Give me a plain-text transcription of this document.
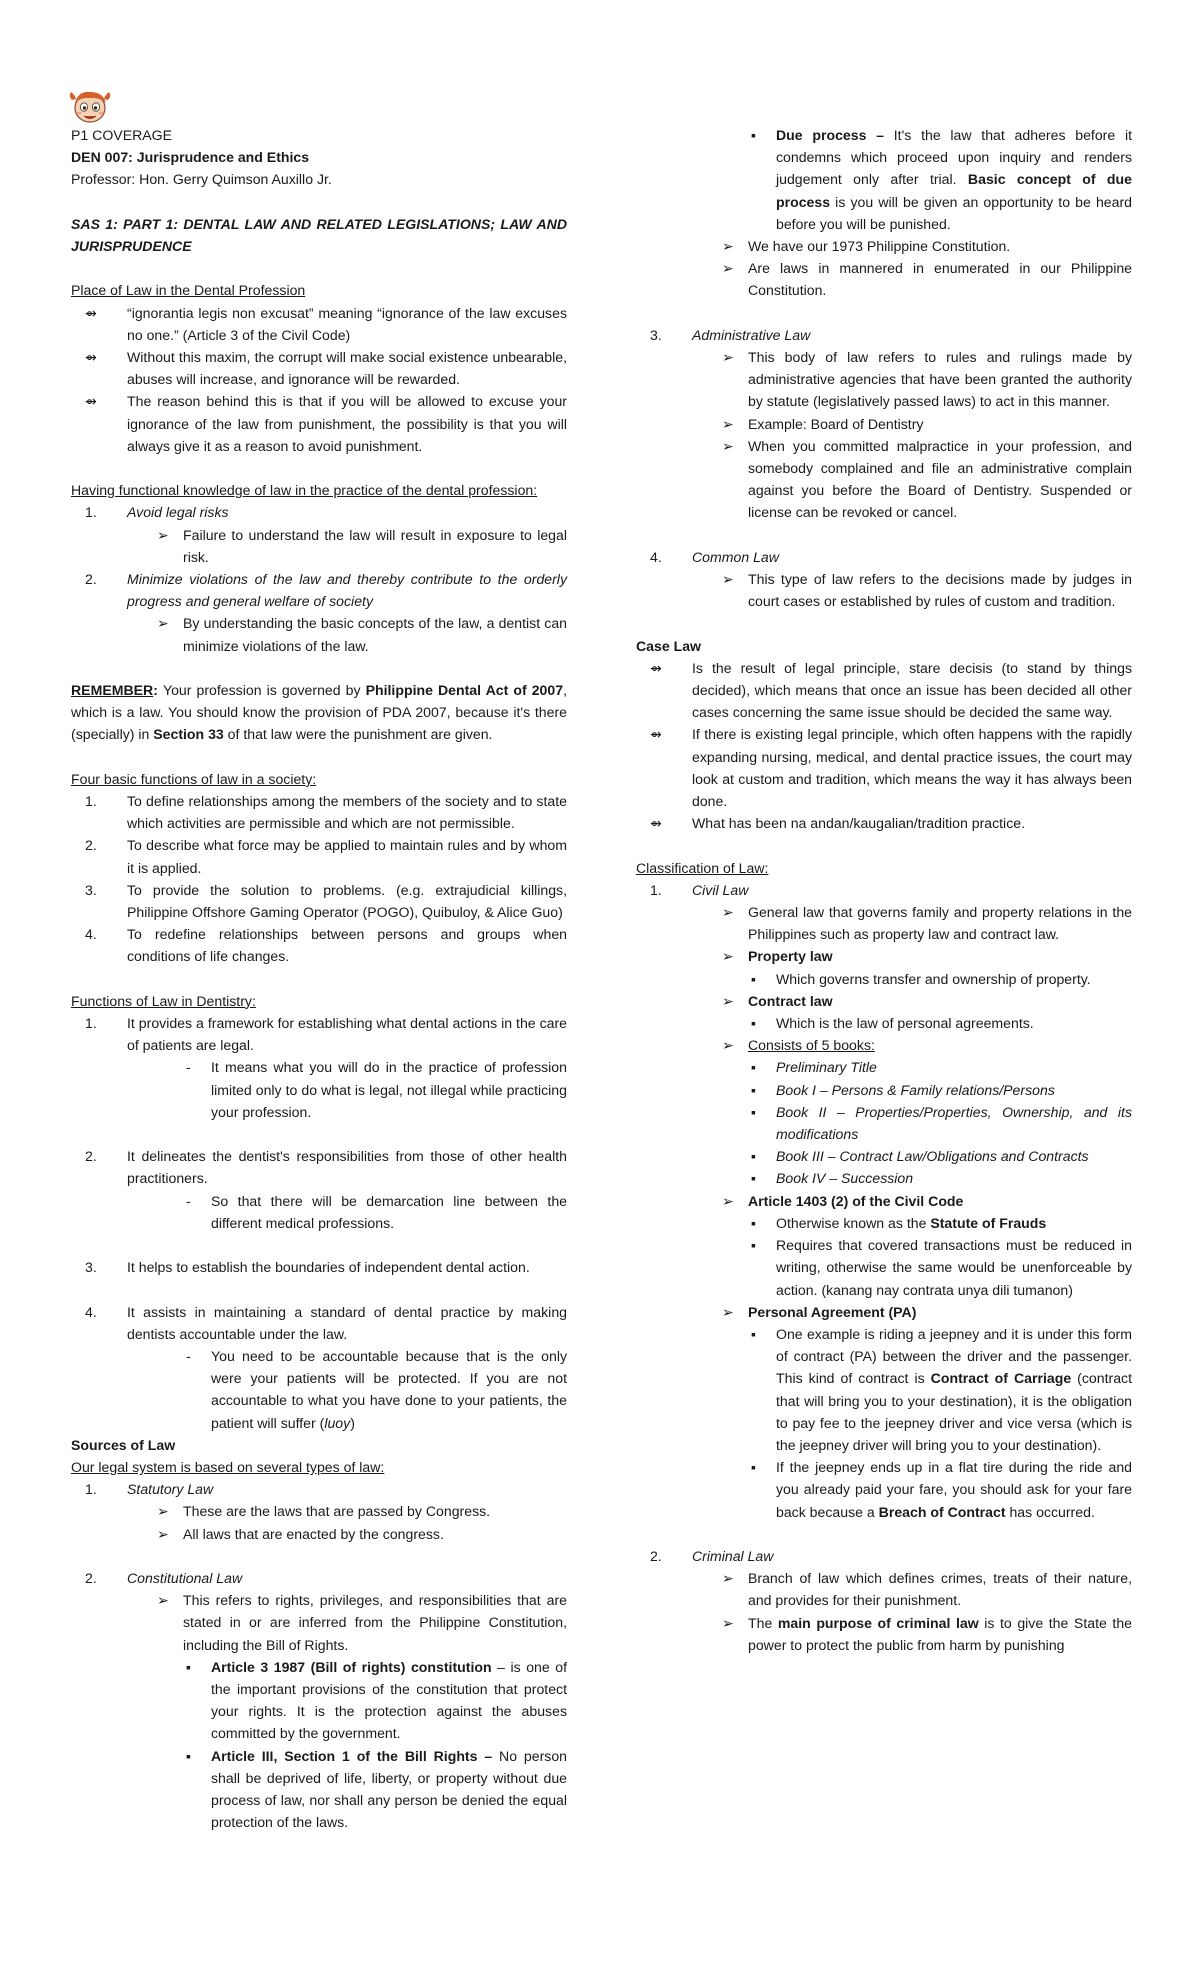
P1 COVERAGE
DEN 007: Jurisprudence and Ethics
Professor: Hon. Gerry Quimson Auxillo Jr.
SAS 1: PART 1: DENTAL LAW AND RELATED LEGISLATIONS; LAW AND JURISPRUDENCE
Place of Law in the Dental Profession
⇴ “ignorantia legis non excusat” meaning “ignorance of the law excuses no one.” (Article 3 of the Civil Code)
⇴ Without this maxim, the corrupt will make social existence unbearable, abuses will increase, and ignorance will be rewarded.
⇴ The reason behind this is that if you will be allowed to excuse your ignorance of the law from punishment, the possibility is that you will always give it as a reason to avoid punishment.
Having functional knowledge of law in the practice of the dental profession:
1. Avoid legal risks
➢ Failure to understand the law will result in exposure to legal risk.
2. Minimize violations of the law and thereby contribute to the orderly progress and general welfare of society
➢ By understanding the basic concepts of the law, a dentist can minimize violations of the law.
REMEMBER: Your profession is governed by Philippine Dental Act of 2007, which is a law. You should know the provision of PDA 2007, because it's there (specially) in Section 33 of that law were the punishment are given.
Four basic functions of law in a society:
1. To define relationships among the members of the society and to state which activities are permissible and which are not permissible.
2. To describe what force may be applied to maintain rules and by whom it is applied.
3. To provide the solution to problems. (e.g. extrajudicial killings, Philippine Offshore Gaming Operator (POGO), Quibuloy, & Alice Guo)
4. To redefine relationships between persons and groups when conditions of life changes.
Functions of Law in Dentistry:
1. It provides a framework for establishing what dental actions in the care of patients are legal.
- It means what you will do in the practice of profession limited only to do what is legal, not illegal while practicing your profession.
2. It delineates the dentist's responsibilities from those of other health practitioners.
- So that there will be demarcation line between the different medical professions.
3. It helps to establish the boundaries of independent dental action.
4. It assists in maintaining a standard of dental practice by making dentists accountable under the law.
- You need to be accountable because that is the only were your patients will be protected. If you are not accountable to what you have done to your patients, the patient will suffer (luoy)
Sources of Law
Our legal system is based on several types of law:
1. Statutory Law
➢ These are the laws that are passed by Congress.
➢ All laws that are enacted by the congress.
2. Constitutional Law
➢ This refers to rights, privileges, and responsibilities that are stated in or are inferred from the Philippine Constitution, including the Bill of Rights.
▪ Article 3 1987 (Bill of rights) constitution – is one of the important provisions of the constitution that protect your rights. It is the protection against the abuses committed by the government.
▪ Article III, Section 1 of the Bill Rights – No person shall be deprived of life, liberty, or property without due process of law, nor shall any person be denied the equal protection of the laws.
▪ Due process – It's the law that adheres before it condemns which proceed upon inquiry and renders judgement only after trial. Basic concept of due process is you will be given an opportunity to be heard before you will be punished.
➢ We have our 1973 Philippine Constitution.
➢ Are laws in mannered in enumerated in our Philippine Constitution.
3. Administrative Law
➢ This body of law refers to rules and rulings made by administrative agencies that have been granted the authority by statute (legislatively passed laws) to act in this manner.
➢ Example: Board of Dentistry
➢ When you committed malpractice in your profession, and somebody complained and file an administrative complain against you before the Board of Dentistry. Suspended or license can be revoked or cancel.
4. Common Law
➢ This type of law refers to the decisions made by judges in court cases or established by rules of custom and tradition.
Case Law
⇴ Is the result of legal principle, stare decisis (to stand by things decided), which means that once an issue has been decided all other cases concerning the same issue should be decided the same way.
⇴ If there is existing legal principle, which often happens with the rapidly expanding nursing, medical, and dental practice issues, the court may look at custom and tradition, which means the way it has always been done.
⇴ What has been na andan/kaugalian/tradition practice.
Classification of Law:
1. Civil Law
➢ General law that governs family and property relations in the Philippines such as property law and contract law.
➢ Property law
▪ Which governs transfer and ownership of property.
➢ Contract law
▪ Which is the law of personal agreements.
➢ Consists of 5 books:
▪ Preliminary Title
▪ Book I – Persons & Family relations/Persons
▪ Book II – Properties/Properties, Ownership, and its modifications
▪ Book III – Contract Law/Obligations and Contracts
▪ Book IV – Succession
➢ Article 1403 (2) of the Civil Code
▪ Otherwise known as the Statute of Frauds
▪ Requires that covered transactions must be reduced in writing, otherwise the same would be unenforceable by action. (kanang nay contrata unya dili tumanon)
➢ Personal Agreement (PA)
▪ One example is riding a jeepney and it is under this form of contract (PA) between the driver and the passenger. This kind of contract is Contract of Carriage (contract that will bring you to your destination), it is the obligation to pay fee to the jeepney driver and vice versa (which is the jeepney driver will bring you to your destination).
▪ If the jeepney ends up in a flat tire during the ride and you already paid your fare, you should ask for your fare back because a Breach of Contract has occurred.
2. Criminal Law
➢ Branch of law which defines crimes, treats of their nature, and provides for their punishment.
➢ The main purpose of criminal law is to give the State the power to protect the public from harm by punishing
